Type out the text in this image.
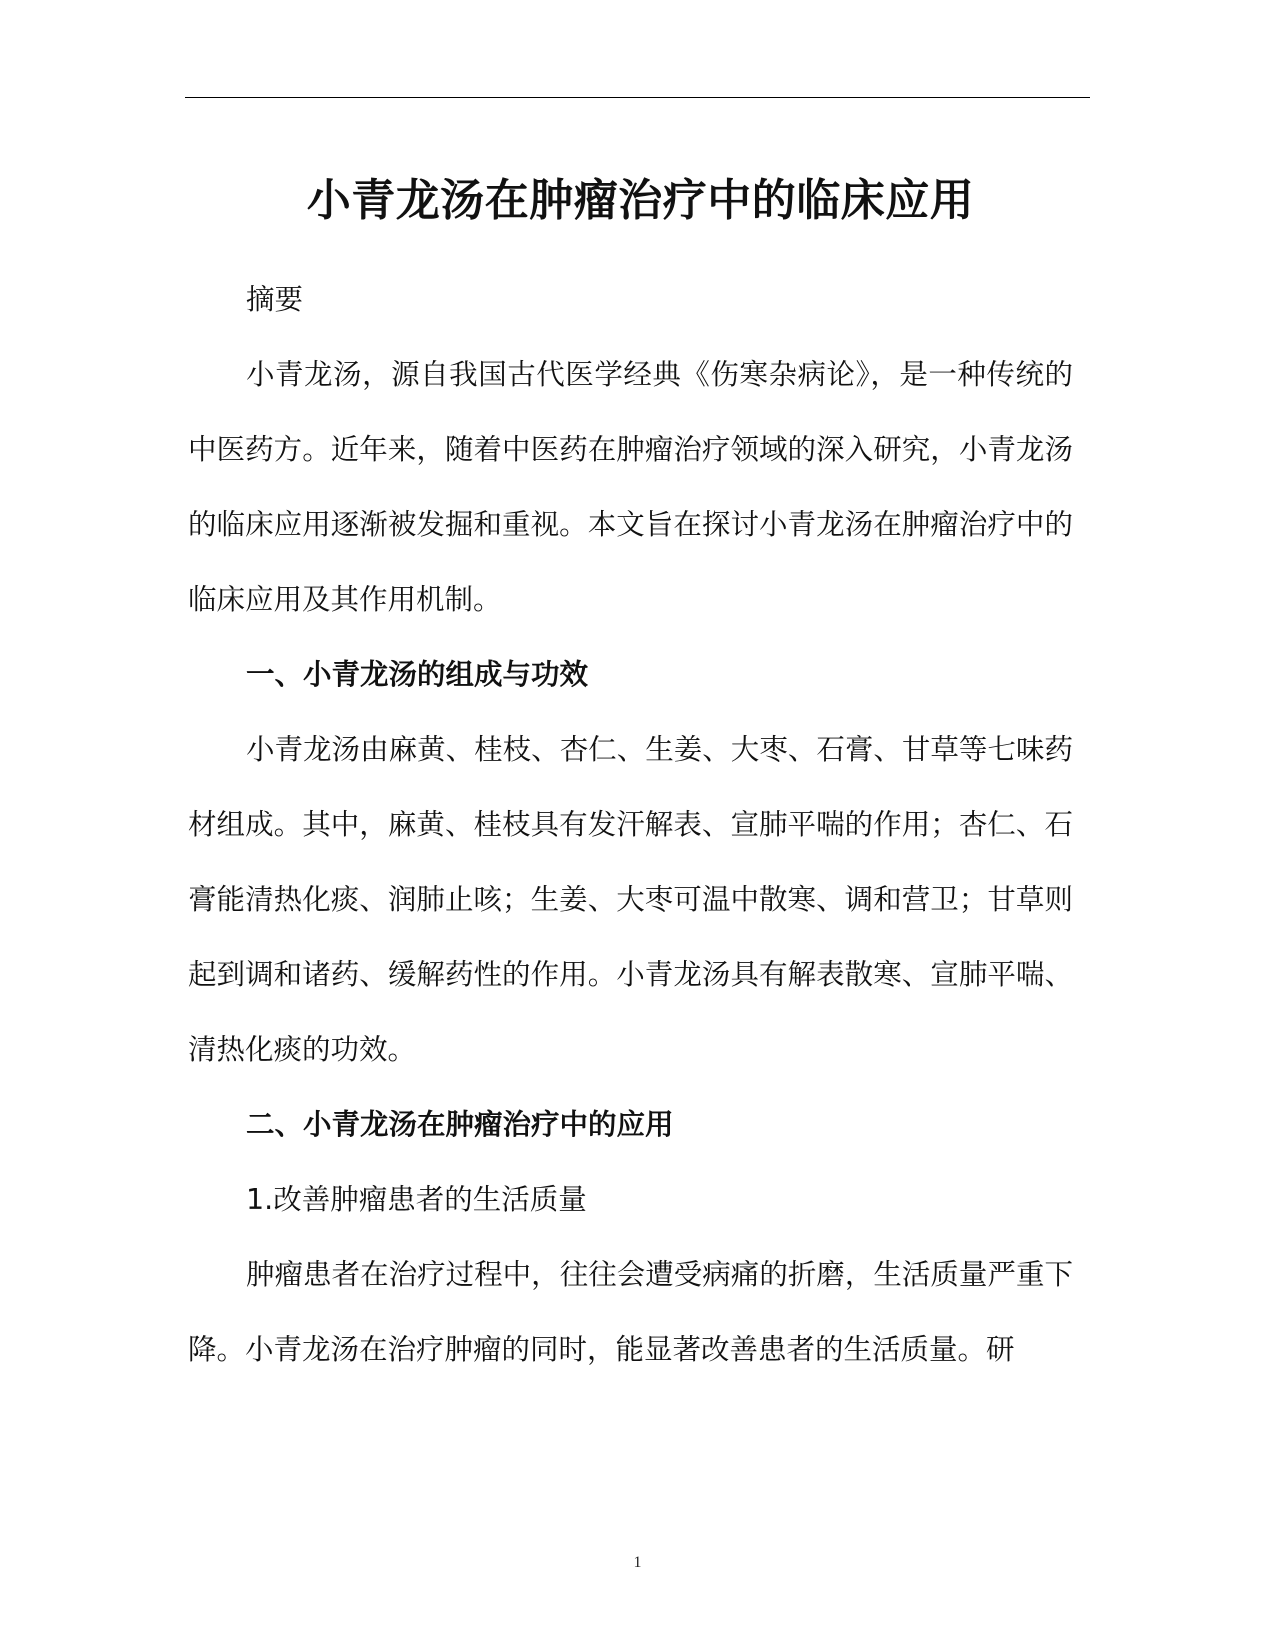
小青龙汤在肿瘤治疗中的临床应用

摘要

小青龙汤，源自我国古代医学经典《伤寒杂病论》，是一种传统的中医药方。近年来，随着中医药在肿瘤治疗领域的深入研究，小青龙汤的临床应用逐渐被发掘和重视。本文旨在探讨小青龙汤在肿瘤治疗中的临床应用及其作用机制。

一、小青龙汤的组成与功效

小青龙汤由麻黄、桂枝、杏仁、生姜、大枣、石膏、甘草等七味药材组成。其中，麻黄、桂枝具有发汗解表、宣肺平喘的作用；杏仁、石膏能清热化痰、润肺止咳；生姜、大枣可温中散寒、调和营卫；甘草则起到调和诸药、缓解药性的作用。小青龙汤具有解表散寒、宣肺平喘、清热化痰的功效。

二、小青龙汤在肿瘤治疗中的应用

1.改善肿瘤患者的生活质量

肿瘤患者在治疗过程中，往往会遭受病痛的折磨，生活质量严重下降。小青龙汤在治疗肿瘤的同时，能显著改善患者的生活质量。研

1
